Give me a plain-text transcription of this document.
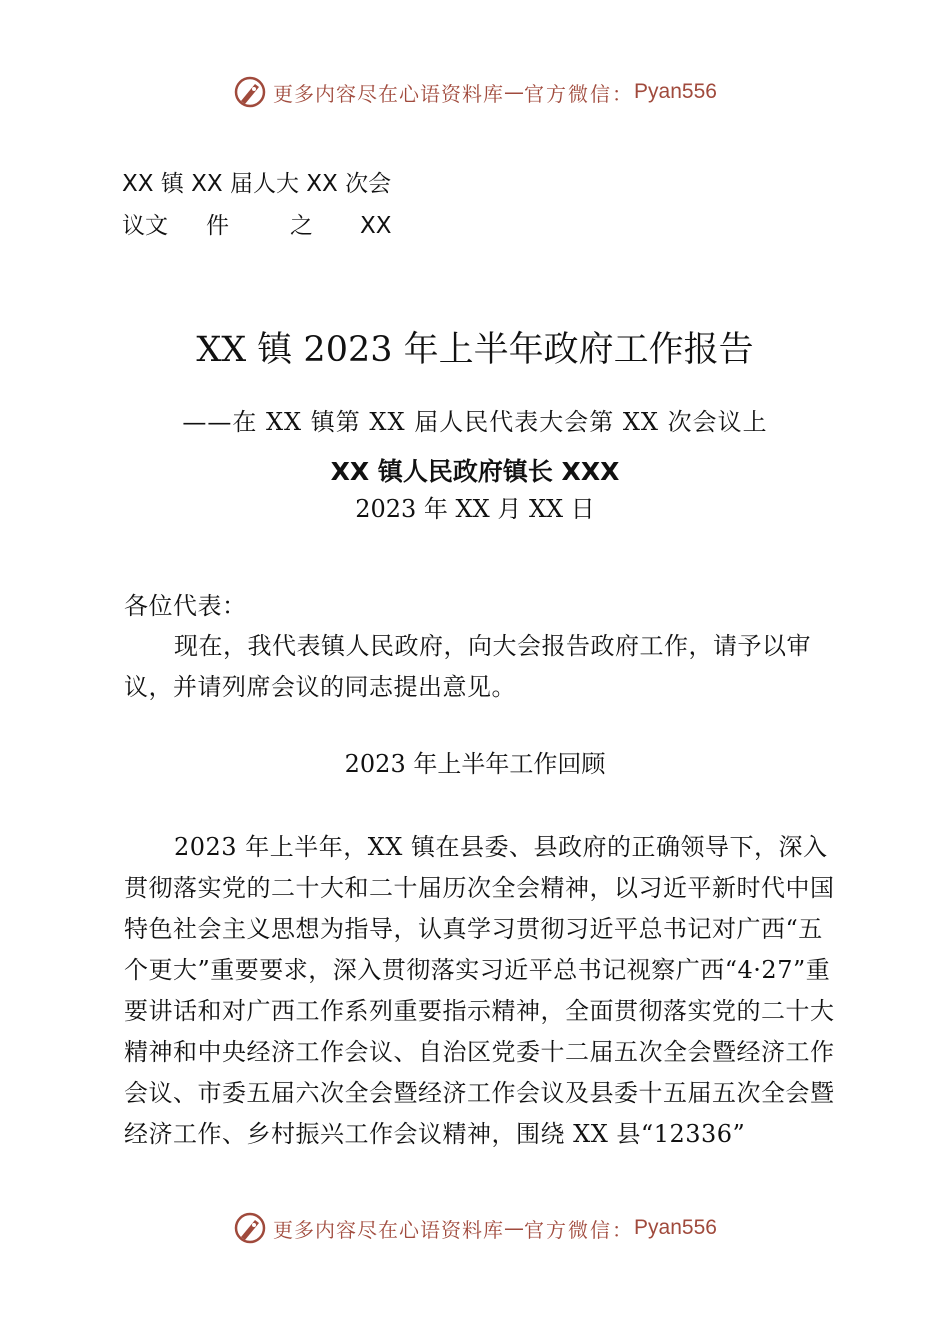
更多内容尽在心语资料库 — 官方微信： Pyan556
XX 镇 XX 届人大 XX 次会
议文	件	之	XX
XX 镇 2023 年上半年政府工作报告
——在 XX 镇第 XX 届人民代表大会第 XX 次会议上
XX 镇人民政府镇长 XXX
2023 年 XX 月 XX 日
各位代表：
现在，我代表镇人民政府，向大会报告政府工作，请予以审议，并请列席会议的同志提出意见。
2023 年上半年工作回顾
2023 年上半年，XX 镇在县委、县政府的正确领导下，深入贯彻落实党的二十大和二十届历次全会精神，以习近平新时代中国特色社会主义思想为指导，认真学习贯彻习近平总书记对广西“五个更大”重要要求，深入贯彻落实习近平总书记视察广西“4·27”重要讲话和对广西工作系列重要指示精神，全面贯彻落实党的二十大精神和中央经济工作会议、自治区党委十二届五次全会暨经济工作会议、市委五届六次全会暨经济工作会议及县委十五届五次全会暨经济工作、乡村振兴工作会议精神，围绕 XX 县“12336”
更多内容尽在心语资料库 — 官方微信： Pyan556
